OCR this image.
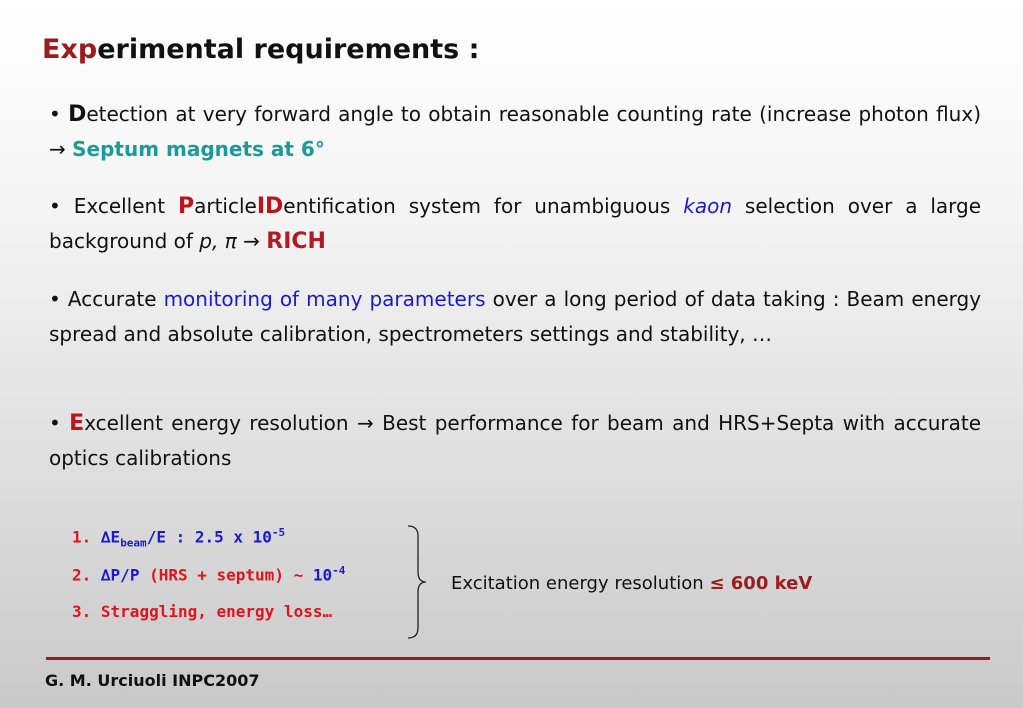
Experimental requirements :
• Detection at very forward angle to obtain reasonable counting rate (increase photon flux) → Septum magnets at 6°
• Excellent ParticleIDentification system for unambiguous kaon selection over a large background of p, π → RICH
• Accurate monitoring of many parameters over a long period of data taking : Beam energy spread and absolute calibration, spectrometers settings and stability, …
• Excellent energy resolution → Best performance for beam and HRS+Septa with accurate optics calibrations
1. $\Delta E_{beam}/E$ : 2.5 x $10^{-5}$
2. ∆P/P (HRS + septum) ~ $10^{-4}$
3. Straggling, energy loss…
Excitation energy resolution ≤ 600 keV
G. M. Urciuoli INPC2007
